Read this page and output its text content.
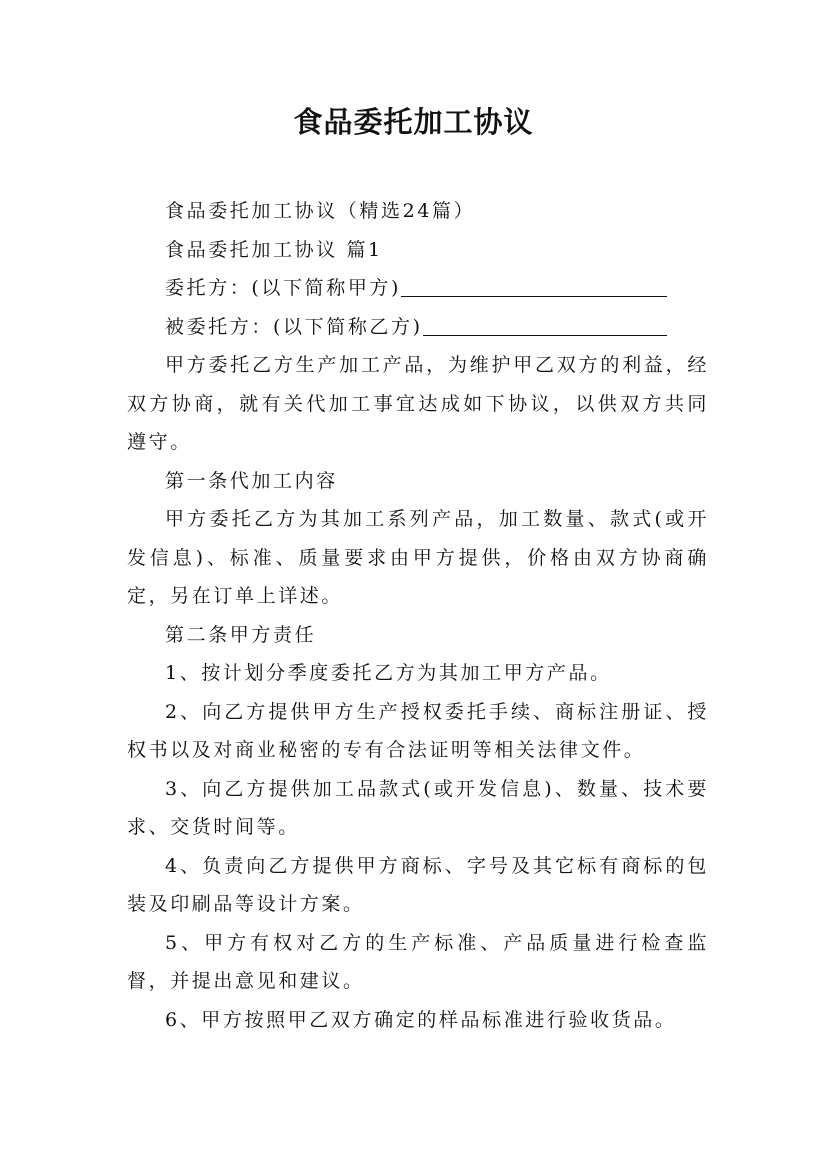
食品委托加工协议

食品委托加工协议（精选24篇）

食品委托加工协议 篇1

委托方：(以下简称甲方)

被委托方：(以下简称乙方)

甲方委托乙方生产加工产品，为维护甲乙双方的利益，经双方协商，就有关代加工事宜达成如下协议，以供双方共同遵守。

第一条代加工内容

甲方委托乙方为其加工系列产品，加工数量、款式(或开发信息)、标准、质量要求由甲方提供，价格由双方协商确定，另在订单上详述。

第二条甲方责任

1、按计划分季度委托乙方为其加工甲方产品。

2、向乙方提供甲方生产授权委托手续、商标注册证、授权书以及对商业秘密的专有合法证明等相关法律文件。

3、向乙方提供加工品款式(或开发信息)、数量、技术要求、交货时间等。

4、负责向乙方提供甲方商标、字号及其它标有商标的包装及印刷品等设计方案。

5、甲方有权对乙方的生产标准、产品质量进行检查监督，并提出意见和建议。

6、甲方按照甲乙双方确定的样品标准进行验收货品。
